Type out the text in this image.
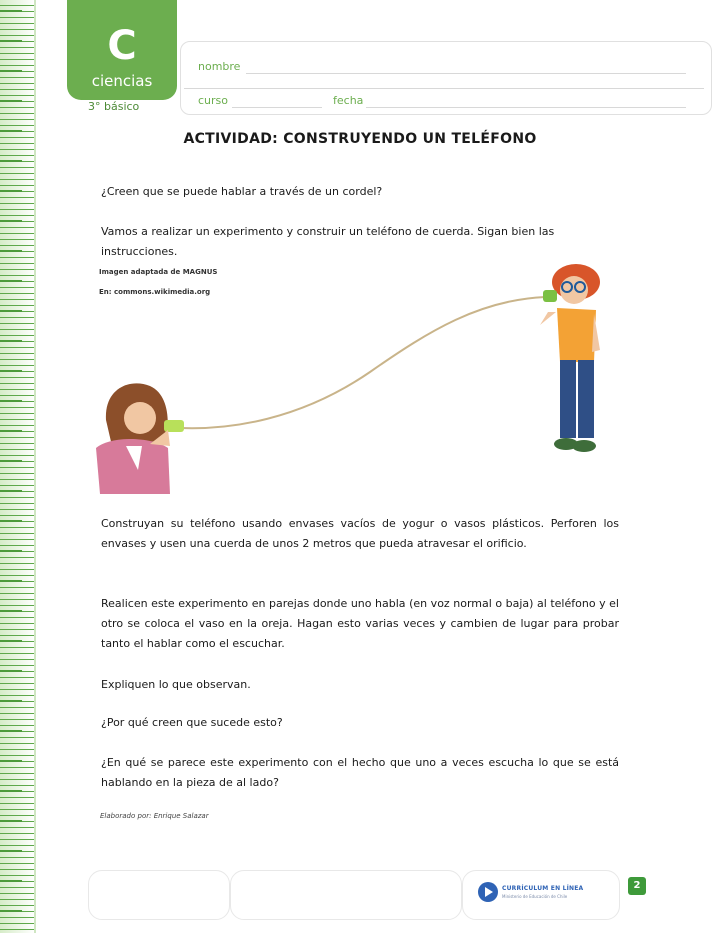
C
ciencias
3° básico
nombre
curso	fecha
ACTIVIDAD: CONSTRUYENDO UN TELÉFONO
¿Creen que se puede hablar a través de un cordel?
Vamos a realizar un experimento y construir un teléfono de cuerda. Sigan bien las instrucciones.
Imagen adaptada de MAGNUS
En: commons.wikimedia.org
Construyan su teléfono usando envases vacíos de yogur o vasos plásticos. Perforen los envases y usen una cuerda de unos 2 metros que pueda atravesar el orificio.
Realicen este experimento en parejas donde uno habla (en voz normal o baja) al teléfono y el otro se coloca el vaso en la oreja. Hagan esto varias veces y cambien de lugar para probar tanto el hablar como el escuchar.
Expliquen lo que observan.
¿Por qué creen que sucede esto?
¿En qué se parece este experimento con el hecho que uno a veces escucha lo que se está hablando en la pieza de al lado?
Elaborado por: Enrique Salazar
CURRÍCULUM EN LÍNEA
Ministerio de Educación de Chile
2
